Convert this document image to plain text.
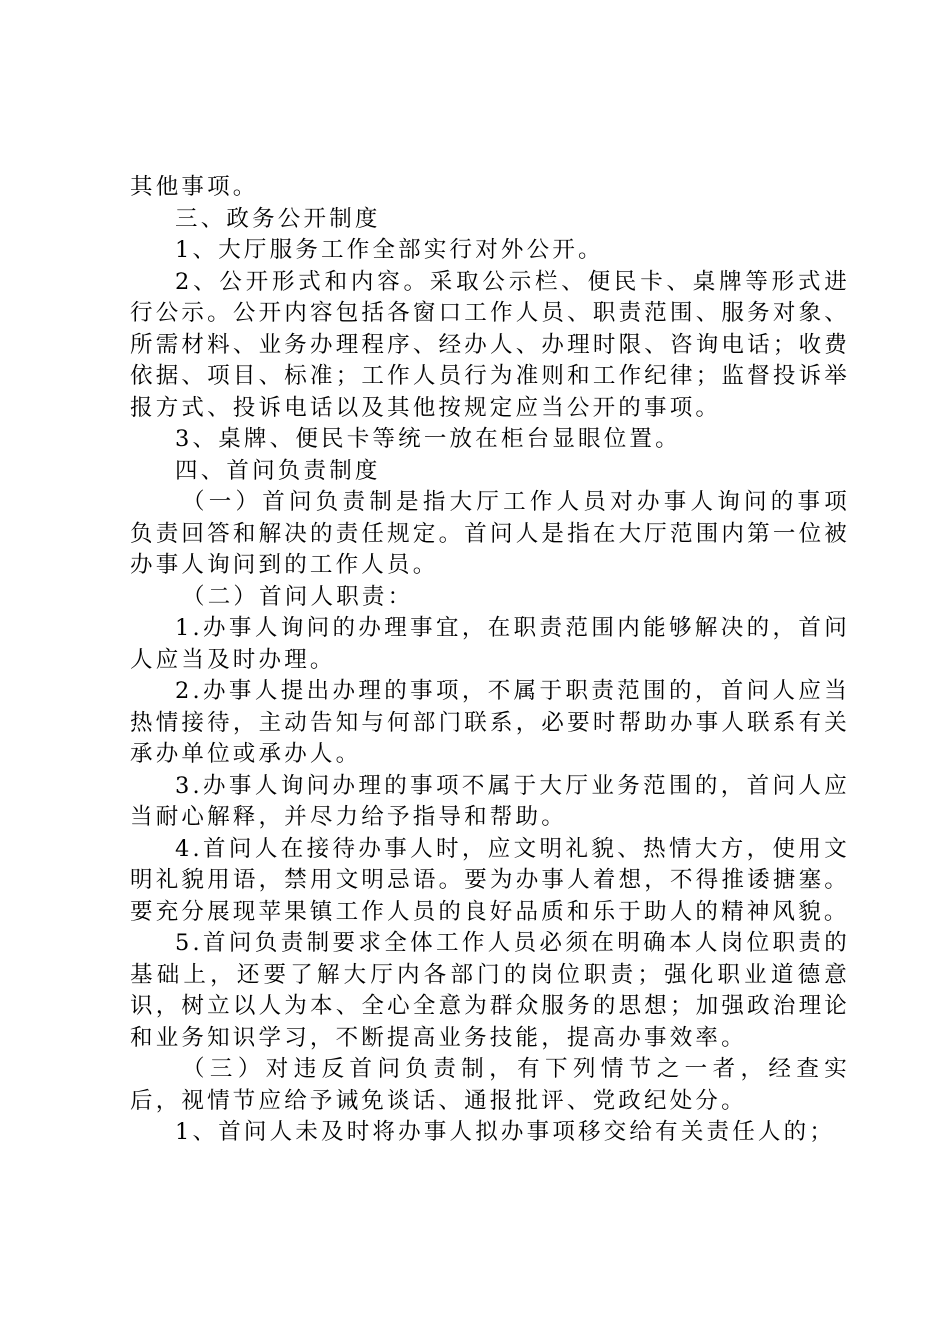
其他事项。

三、政务公开制度

1、大厅服务工作全部实行对外公开。

2、公开形式和内容。采取公示栏、便民卡、桌牌等形式进行公示。公开内容包括各窗口工作人员、职责范围、服务对象、所需材料、业务办理程序、经办人、办理时限、咨询电话；收费依据、项目、标准；工作人员行为准则和工作纪律；监督投诉举报方式、投诉电话以及其他按规定应当公开的事项。

3、桌牌、便民卡等统一放在柜台显眼位置。

四、首问负责制度

（一）首问负责制是指大厅工作人员对办事人询问的事项负责回答和解决的责任规定。首问人是指在大厅范围内第一位被办事人询问到的工作人员。

（二）首问人职责：

1.办事人询问的办理事宜，在职责范围内能够解决的，首问人应当及时办理。

2.办事人提出办理的事项，不属于职责范围的，首问人应当热情接待，主动告知与何部门联系，必要时帮助办事人联系有关承办单位或承办人。

3.办事人询问办理的事项不属于大厅业务范围的，首问人应当耐心解释，并尽力给予指导和帮助。

4.首问人在接待办事人时，应文明礼貌、热情大方，使用文明礼貌用语，禁用文明忌语。要为办事人着想，不得推诿搪塞。要充分展现苹果镇工作人员的良好品质和乐于助人的精神风貌。

5.首问负责制要求全体工作人员必须在明确本人岗位职责的基础上，还要了解大厅内各部门的岗位职责；强化职业道德意识，树立以人为本、全心全意为群众服务的思想；加强政治理论和业务知识学习，不断提高业务技能，提高办事效率。

（三）对违反首问负责制，有下列情节之一者，经查实后，视情节应给予诫免谈话、通报批评、党政纪处分。

1、首问人未及时将办事人拟办事项移交给有关责任人的；
